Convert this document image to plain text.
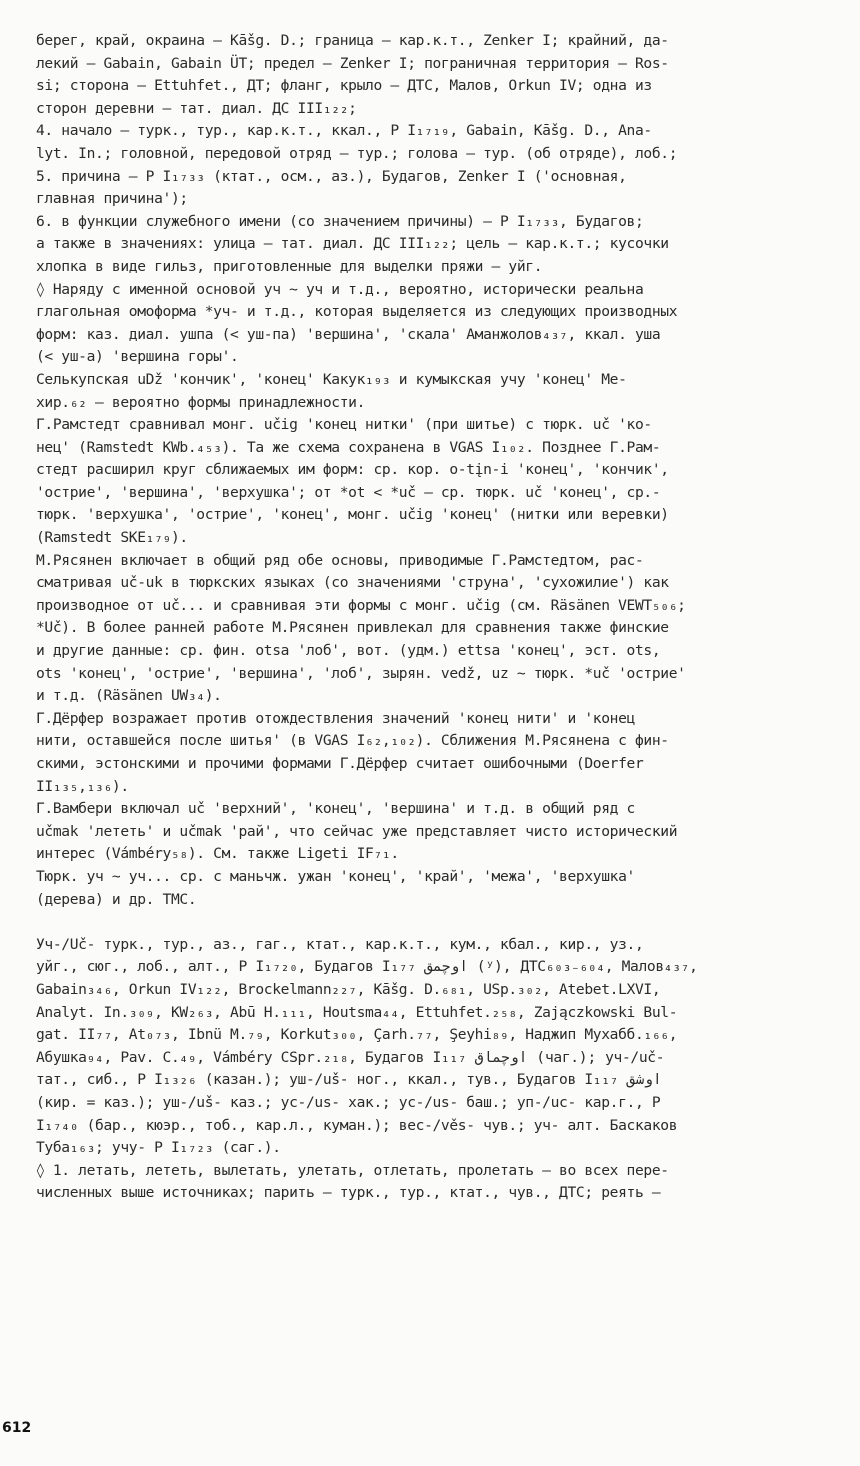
берег, край, окраина – Kāšg. D.; граница – кар.к.т., Zenker I; крайний, да-
лекий – Gabain, Gabain ÜT; предел – Zenker I; пограничная территория – Ros-
si; сторона – Ettuhfet., ДТ; фланг, крыло – ДТС, Малов, Orkun IV; одна из
сторон деревни – тат. диал. ДС III₁₂₂;
4. начало – турк., тур., кар.к.т., ккал., Р I₁₇₁₉, Gabain, Kāšg. D., Ana-
lyt. In.; головной, передовой отряд – тур.; голова – тур. (об отряде), лоб.;
5. причина – Р I₁₇₃₃ (ктат., осм., аз.), Будагов, Zenker I ('основная,
главная причина');
6. в функции служебного имени (со значением причины) – Р I₁₇₃₃, Будагов;
а также в значениях: улица – тат. диал. ДС III₁₂₂; цель – кар.к.т.; кусочки
хлопка в виде гильз, приготовленные для выделки пряжи – уйг.
◊ Наряду с именной основой уч ~ уч и т.д., вероятно, исторически реальна
глагольная омоформа *уч- и т.д., которая выделяется из следующих производных
форм: каз. диал. ушпа (< уш-па) 'вершина', 'скала' Аманжолов₄₃₇, ккал. уша
(< уш-а) 'вершина горы'.
Селькупская uDž 'кончик', 'конец' Какук₁₉₃ и кумыкская учу 'конец' Ме-
хир.₆₂ – вероятно формы принадлежности.
Г.Рамстедт сравнивал монг. učig 'конец нитки' (при шитье) с тюрк. uč 'ко-
нец' (Ramstedt KWb.₄₅₃). Та же схема сохранена в VGAS I₁₀₂. Позднее Г.Рам-
стедт расширил круг сближаемых им форм: ср. кор. o-tįn-i 'конец', 'кончик',
'острие', 'вершина', 'верхушка'; от *ot < *uč – ср. тюрк. uč 'конец', ср.-
тюрк. 'верхушка', 'острие', 'конец', монг. učig 'конец' (нитки или веревки)
(Ramstedt SKE₁₇₉).
М.Рясянен включает в общий ряд обе основы, приводимые Г.Рамстедтом, рас-
сматривая uč-uk в тюркских языках (со значениями 'струна', 'сухожилие') как
производное от uč... и сравнивая эти формы с монг. učig (см. Räsänen VEWT₅₀₆;
*Uč). В более ранней работе М.Рясянен привлекал для сравнения также финские
и другие данные: ср. фин. otsa 'лоб', вот. (удм.) ettsa 'конец', эст. ots,
ots 'конец', 'острие', 'вершина', 'лоб', зырян. vedž, uz ~ тюрк. *uč 'острие'
и т.д. (Räsänen UW₃₄).
Г.Дёрфер возражает против отождествления значений 'конец нити' и 'конец
нити, оставшейся после шитья' (в VGAS I₆₂,₁₀₂). Сближения М.Рясянена с фин-
скими, эстонскими и прочими формами Г.Дёрфер считает ошибочными (Doerfer
II₁₃₅,₁₃₆).
Г.Вамбери включал uč 'верхний', 'конец', 'вершина' и т.д. в общий ряд с
učmak 'лететь' и učmak 'рай', что сейчас уже представляет чисто исторический
интерес (Vámbéry₅₈). См. также Ligeti IF₇₁.
Тюрк. уч ~ уч... ср. с маньчж. ужан 'конец', 'край', 'межа', 'верхушка'
(дерева) и др. ТМС.
Уч-/Uč- турк., тур., аз., гаг., ктат., кар.к.т., кум., кбал., кир., уз.,
уйг., сюг., лоб., алт., Р I₁₇₂₀, Будагов I₁₇₇ اوچمق (ʸ), ДТС₆₀₃₋₆₀₄, Малов₄₃₇,
Gabain₃₄₆, Orkun IV₁₂₂, Brockelmann₂₂₇, Kāšg. D.₆₈₁, USp.₃₀₂, Atebet.LXVI,
Analyt. In.₃₀₉, KW₂₆₃, Abū H.₁₁₁, Houtsma₄₄, Ettuhfet.₂₅₈, Zajączkowski Bul-
gat. II₇₇, At₀₇₃, Ibnü M.₇₉, Korkut₃₀₀, Çarh.₇₇, Şeyhi₈₉, Наджип Мухабб.₁₆₆,
Абушка₉₄, Pav. C.₄₉, Vámbéry CSpr.₂₁₈, Будагов I₁₁₇ اوچماق (чаг.); уч-/uč-
тат., сиб., Р I₁₃₂₆ (казан.); уш-/uš- ног., ккал., тув., Будагов I₁₁₇ اوشق
(кир. = каз.); уш-/uš- каз.; ус-/us- хак.; ус-/us- баш.; уп-/uc- кар.г., Р
I₁₇₄₀ (бар., кюэр., тоб., кар.л., куман.); вес-/věs- чув.; уч- алт. Баскаков
Туба₁₆₃; учу- Р I₁₇₂₃ (саг.).
◊ 1. летать, лететь, вылетать, улетать, отлетать, пролетать – во всех пере-
численных выше источниках; парить – турк., тур., ктат., чув., ДТС; реять –
612
